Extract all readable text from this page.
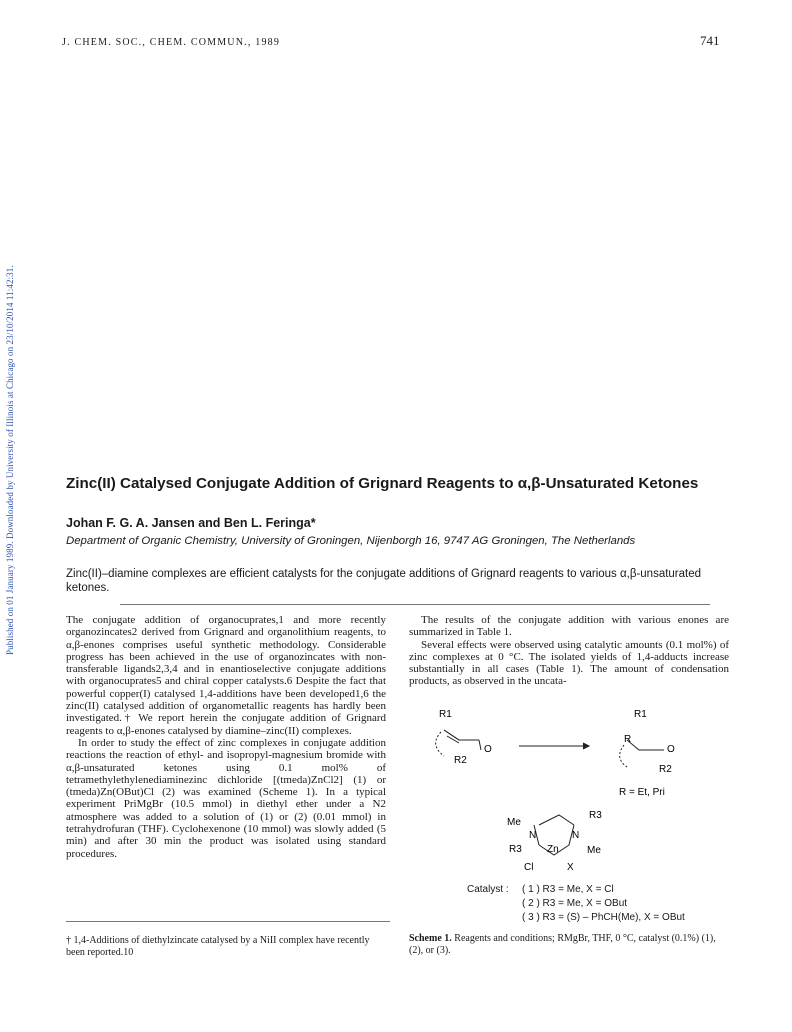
J. CHEM. SOC., CHEM. COMMUN., 1989	741
Published on 01 January 1989. Downloaded by University of Illinois at Chicago on 23/10/2014 11:42:31.	Zinc(II) Catalysed Conjugate Addition of Grignard Reagents to α,β-Unsaturated Ketones
Johan F. G. A. Jansen and Ben L. Feringa*
Department of Organic Chemistry, University of Groningen, Nijenborgh 16, 9747 AG Groningen, The Netherlands
Zinc(II)–diamine complexes are efficient catalysts for the conjugate additions of Grignard reagents to various α,β-unsaturated ketones.

The conjugate addition of organocuprates,1 and more recently organozincates2 derived from Grignard and organolithium reagents, to α,β-enones comprises useful synthetic methodology. Considerable progress has been achieved in the use of organozincates with non-transferable ligands2,3,4 and in enantioselective conjugate additions with organocuprates5 and chiral copper catalysts.6 Despite the fact that powerful copper(I) catalysed 1,4-additions have been developed1,6 the zinc(II) catalysed addition of organometallic reagents has hardly been investigated.† We report herein the conjugate addition of Grignard reagents to α,β-enones catalysed by diamine–zinc(II) complexes.

In order to study the effect of zinc complexes in conjugate addition reactions the reaction of ethyl- and isopropyl-magnesium bromide with α,β-unsaturated ketones using 0.1 mol% of tetramethylethylenediaminezinc dichloride [(tmeda)ZnCl2] (1) or (tmeda)Zn(OBut)Cl (2) was examined (Scheme 1). In a typical experiment PriMgBr (10.5 mmol) in diethyl ether under a N2 atmosphere was added to a solution of (1) or (2) (0.01 mmol) in tetrahydrofuran (THF). Cyclohexenone (10 mmol) was slowly added (5 min) and after 30 min the product was isolated using standard procedures.

The results of the conjugate addition with various enones are summarized in Table 1.

Several effects were observed using catalytic amounts (0.1 mol%) of zinc complexes at 0 °C. The isolated yields of 1,4-adducts increase substantially in all cases (Table 1). The amount of condensation products, as observed in the uncata-

R1
R2
O
R1
R
R2
O
R = Et, Pri
Me
R3
N	N
R3	Me
Zn
Cl	X
Catalyst : ( 1 ) R3 = Me, X = Cl
( 2 ) R3 = Me, X = OBut
( 3 ) R3 = (S) – PhCH(Me), X = OBut
† 1,4-Additions of diethylzincate catalysed by a NiII complex have recently been reported.10
Scheme 1. Reagents and conditions; RMgBr, THF, 0 °C, catalyst (0.1%) (1), (2), or (3).
